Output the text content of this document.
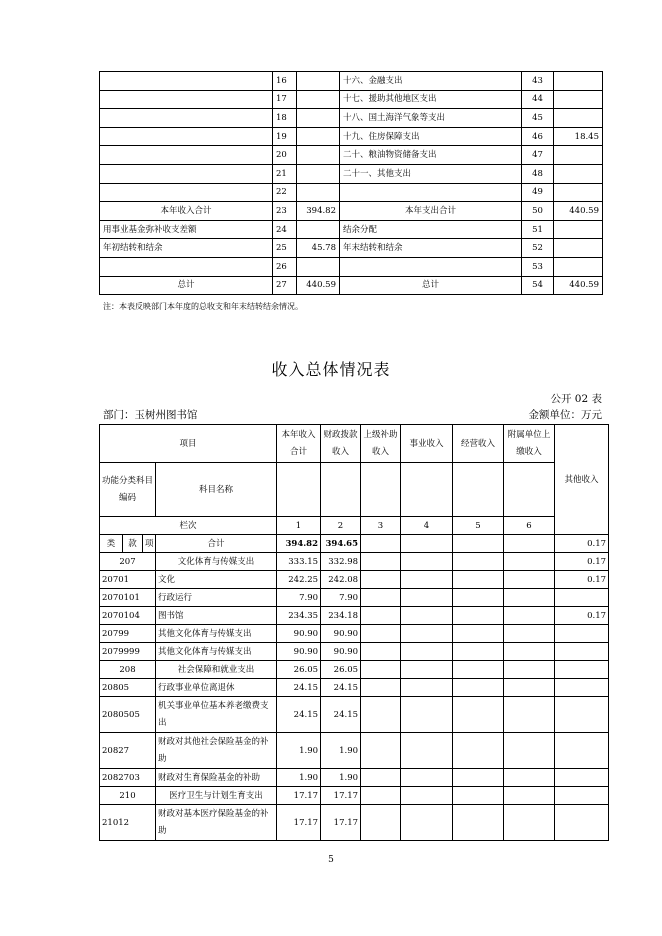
	16		十六、金融支出	43	
	17		十七、援助其他地区支出	44	
	18		十八、国土海洋气象等支出	45	
	19		十九、住房保障支出	46	18.45
	20		二十、粮油物资储备支出	47	
	21		二十一、其他支出	48	
	22			49	
本年收入合计	23	394.82	本年支出合计	50	440.59
用事业基金弥补收支差额	24		结余分配	51	
年初结转和结余	25	45.78	年末结转和结余	52	
	26			53	
总计	27	440.59	总计	54	440.59
注：本表反映部门本年度的总收支和年末结转结余情况。
收入总体情况表
公开 02 表
部门：玉树州图书馆	金额单位：万元
项目				本年收入合计	财政拨款收入	上级补助收入	事业收入	经营收入	附属单位上缴收入	其他收入	

功能分类科目编码			科目名称								
栏次				1	2	3	4	5	6	
类	款	项	合计	394.82	394.65					0.17	
207			文化体育与传媒支出	333.15	332.98					0.17	
20701			文化	242.25	242.08					0.17	
2070101			行政运行	7.90	7.90						
2070104			图书馆	234.35	234.18					0.17	
20799			其他文化体育与传媒支出	90.90	90.90						
2079999			其他文化体育与传媒支出	90.90	90.90						
208			社会保障和就业支出	26.05	26.05						
20805			行政事业单位离退休	24.15	24.15						
2080505			机关事业单位基本养老缴费支出	24.15	24.15						
20827			财政对其他社会保险基金的补助	1.90	1.90						
2082703			财政对生育保险基金的补助	1.90	1.90						
210			医疗卫生与计划生育支出	17.17	17.17						
21012			财政对基本医疗保险基金的补助	17.17	17.17						
5
